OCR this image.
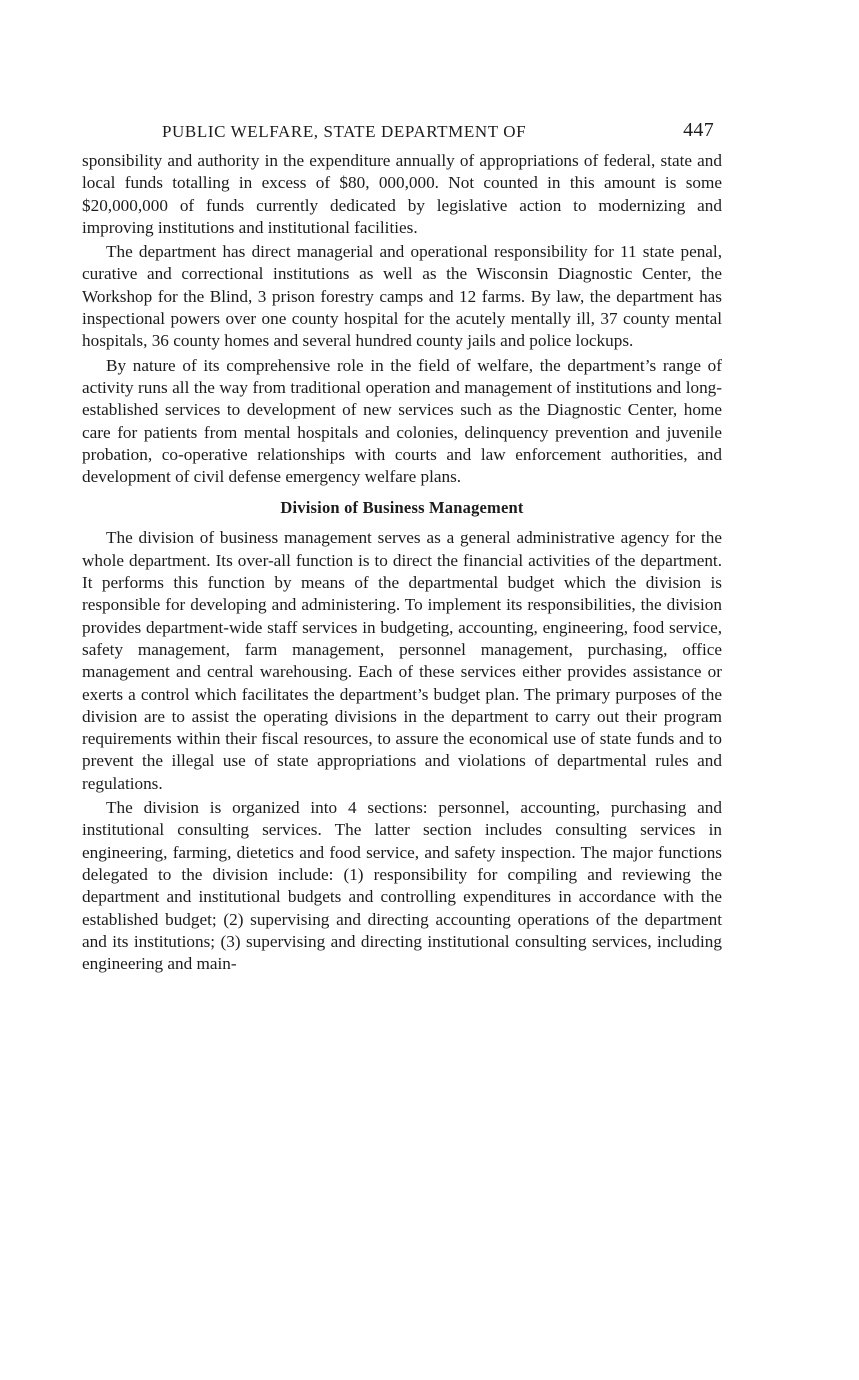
PUBLIC WELFARE, STATE DEPARTMENT OF	447

sponsibility and authority in the expenditure annually of appropriations of federal, state and local funds totalling in excess of $80, 000,000. Not counted in this amount is some $20,000,000 of funds currently dedicated by legislative action to modernizing and improving institutions and institutional facilities.

The department has direct managerial and operational responsibility for 11 state penal, curative and correctional institutions as well as the Wisconsin Diagnostic Center, the Workshop for the Blind, 3 prison forestry camps and 12 farms. By law, the department has inspectional powers over one county hospital for the acutely mentally ill, 37 county mental hospitals, 36 county homes and several hundred county jails and police lockups.

By nature of its comprehensive role in the field of welfare, the department’s range of activity runs all the way from traditional operation and management of institutions and long-established services to development of new services such as the Diagnostic Center, home care for patients from mental hospitals and colonies, delinquency prevention and juvenile probation, co-operative relationships with courts and law enforcement authorities, and development of civil defense emergency welfare plans.

Division of Business Management

The division of business management serves as a general administrative agency for the whole department. Its over-all function is to direct the financial activities of the department. It performs this function by means of the departmental budget which the division is responsible for developing and administering. To implement its responsibilities, the division provides department-wide staff services in budgeting, accounting, engineering, food service, safety management, farm management, personnel management, purchasing, office management and central warehousing. Each of these services either provides assistance or exerts a control which facilitates the department’s budget plan. The primary purposes of the division are to assist the operating divisions in the department to carry out their program requirements within their fiscal resources, to assure the economical use of state funds and to prevent the illegal use of state appropriations and violations of departmental rules and regulations.

The division is organized into 4 sections: personnel, accounting, purchasing and institutional consulting services. The latter section includes consulting services in engineering, farming, dietetics and food service, and safety inspection. The major functions delegated to the division include: (1) responsibility for compiling and reviewing the department and institutional budgets and controlling expenditures in accordance with the established budget; (2) supervising and directing accounting operations of the department and its institutions; (3) supervising and directing institutional consulting services, including engineering and main-
